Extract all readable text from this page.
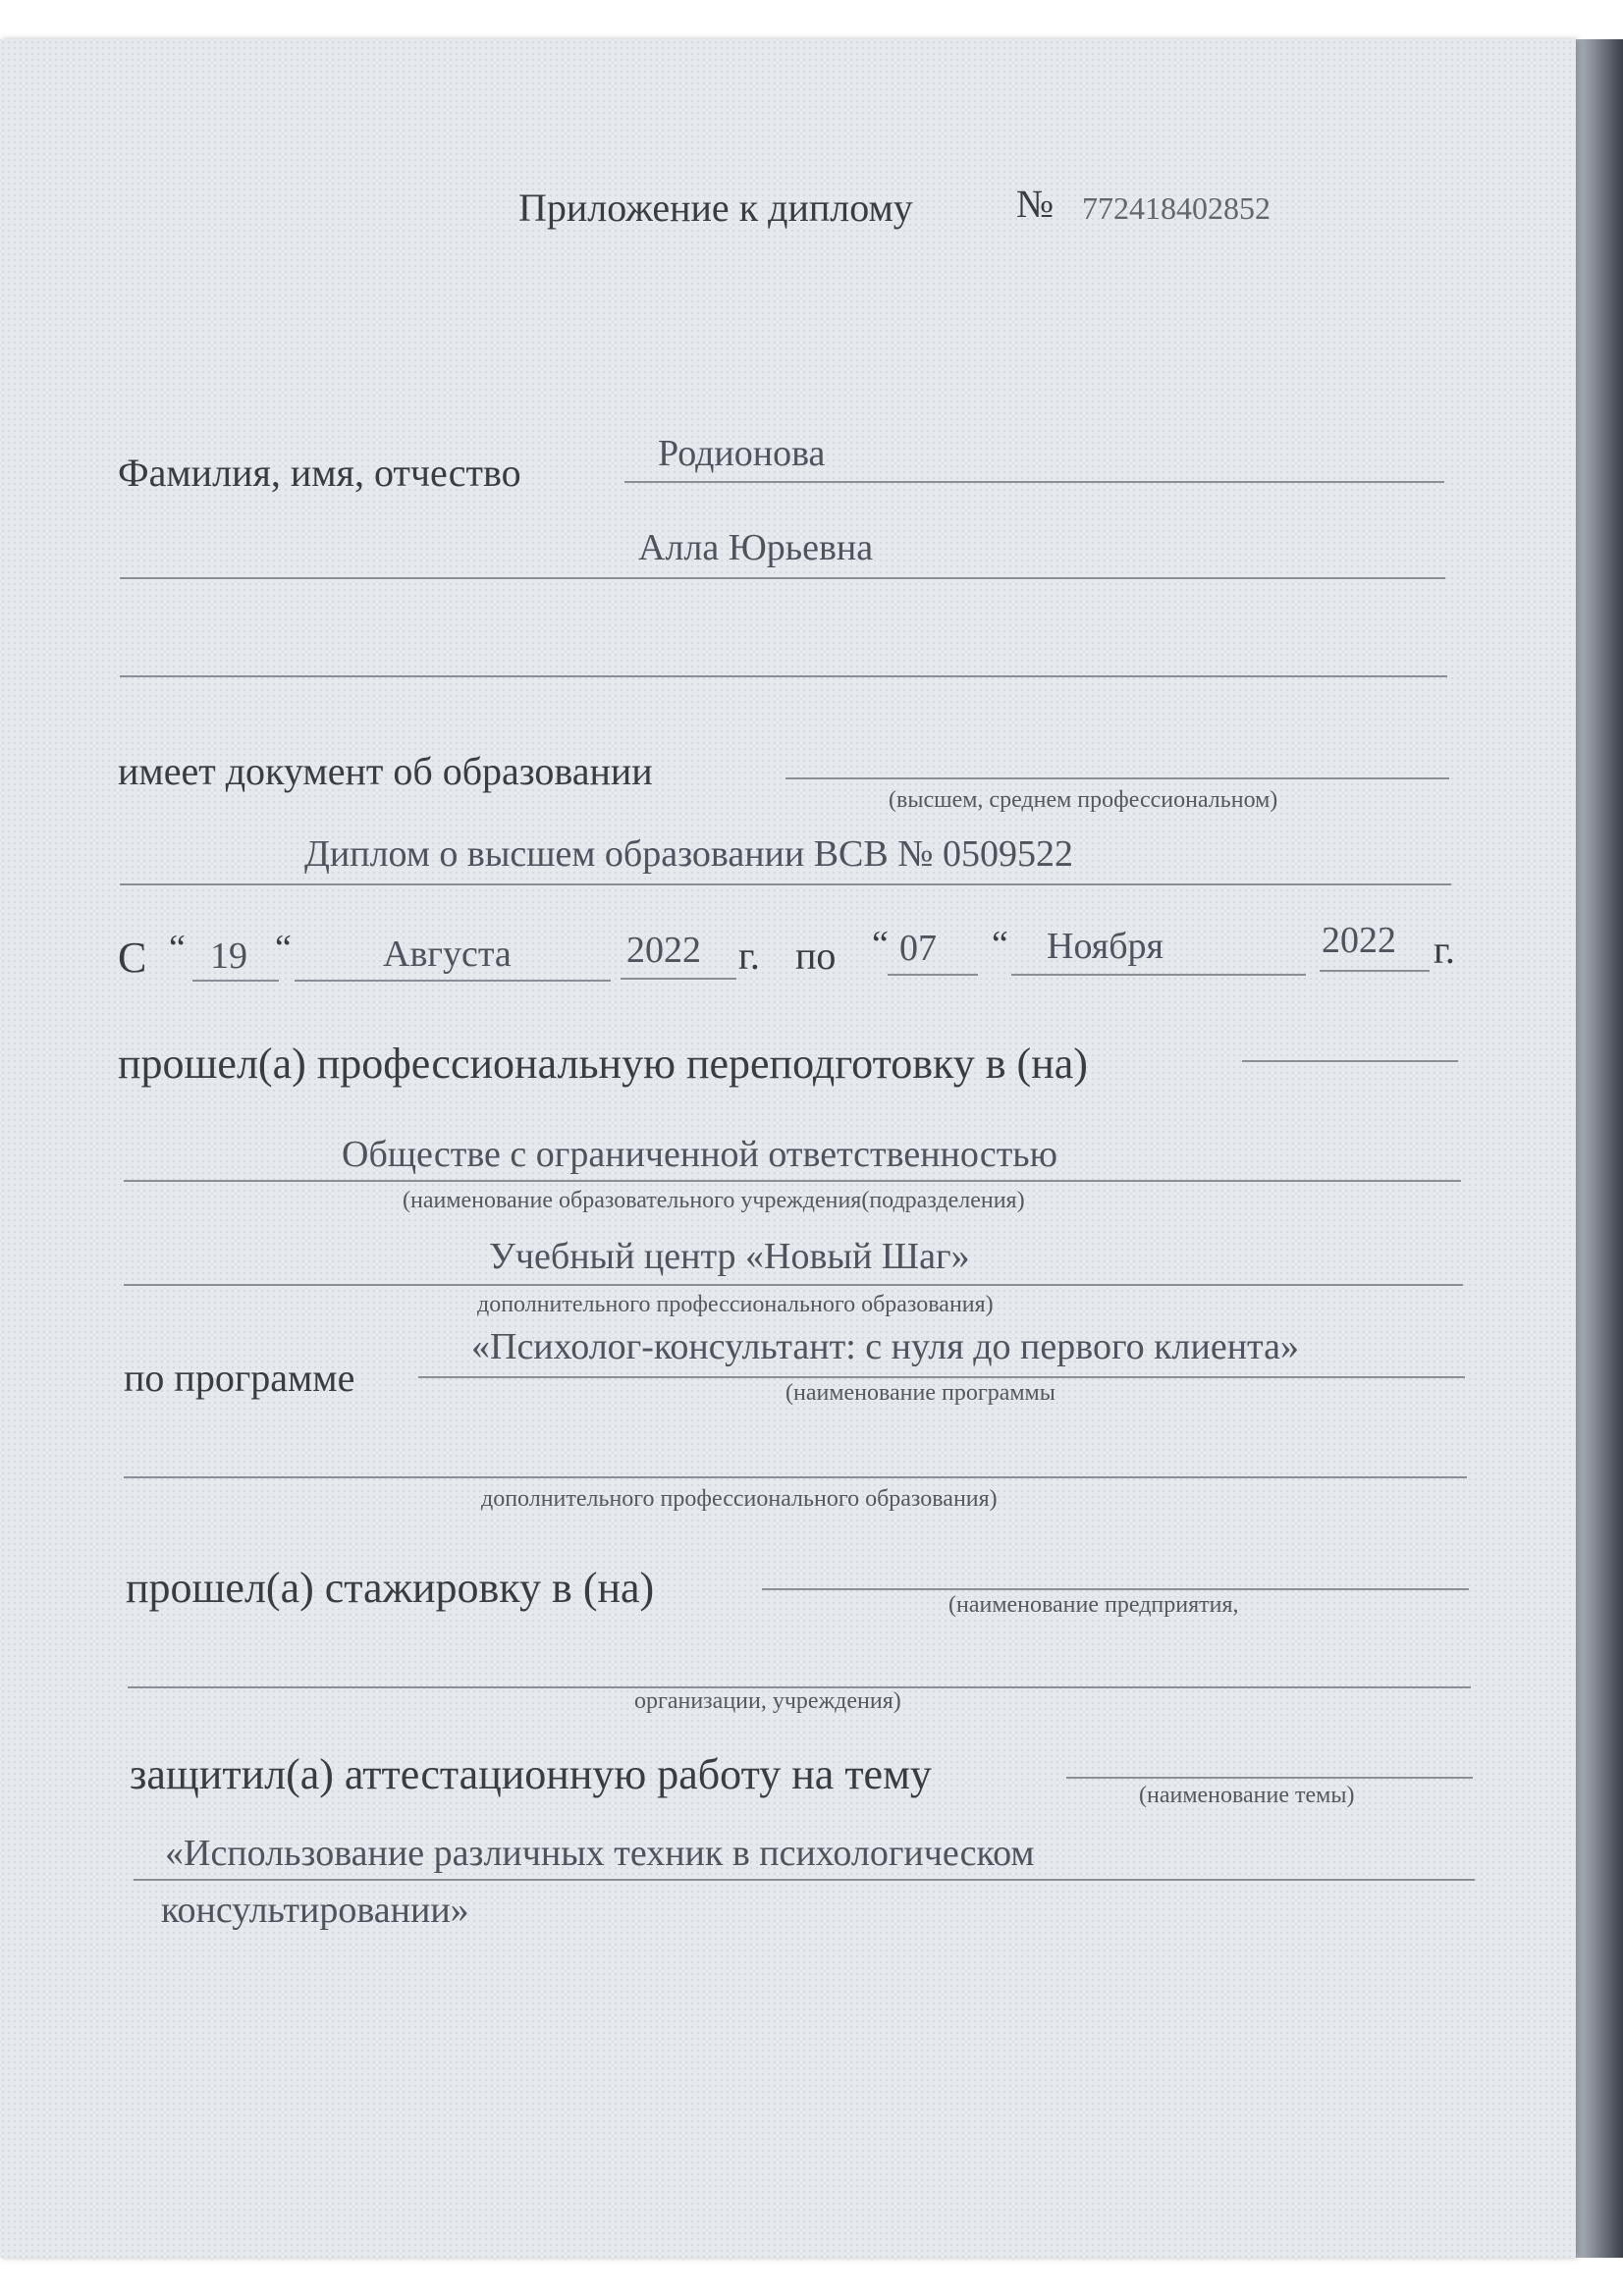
Приложение к диплому	№ 772418402852
Фамилия, имя, отчество	Родионова
Алла Юрьевна
имеет документ об образовании
(высшем, среднем профессиональном)
Диплом о высшем образовании ВСВ № 0509522
С “ 19 “ Августа	2022 г. по “ 07 “ Ноября	2022 г.
прошел(а) профессиональную переподготовку в (на)
Обществе с ограниченной ответственностью
(наименование образовательного учреждения(подразделения)
Учебный центр «Новый Шаг»
дополнительного профессионального образования)
по программе
«Психолог-консультант: с нуля до первого клиента»
(наименование программы
дополнительного профессионального образования)
прошел(а) стажировку в (на)	(наименование предприятия,
организации, учреждения)
защитил(а) аттестационную работу на тему	(наименование темы)
«Использование различных техник в психологическом
консультировании»
